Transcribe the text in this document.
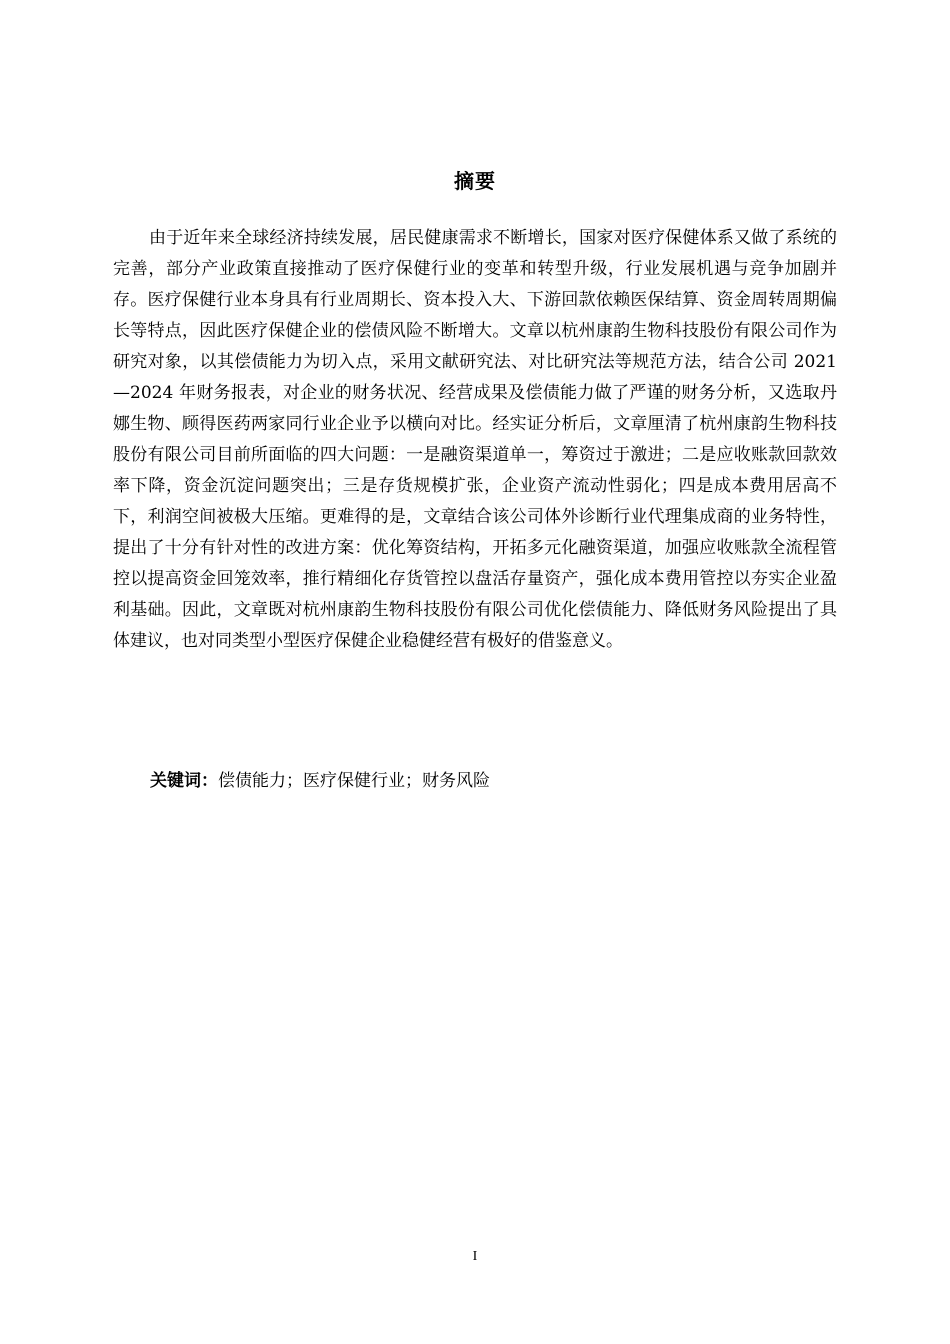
摘要

由于近年来全球经济持续发展，居民健康需求不断增长，国家对医疗保健体系又做了系统的完善，部分产业政策直接推动了医疗保健行业的变革和转型升级，行业发展机遇与竞争加剧并存。医疗保健行业本身具有行业周期长、资本投入大、下游回款依赖医保结算、资金周转周期偏长等特点，因此医疗保健企业的偿债风险不断增大。文章以杭州康韵生物科技股份有限公司作为研究对象，以其偿债能力为切入点，采用文献研究法、对比研究法等规范方法，结合公司 2021—2024 年财务报表，对企业的财务状况、经营成果及偿债能力做了严谨的财务分析，又选取丹娜生物、顾得医药两家同行业企业予以横向对比。经实证分析后，文章厘清了杭州康韵生物科技股份有限公司目前所面临的四大问题：一是融资渠道单一，筹资过于激进；二是应收账款回款效率下降，资金沉淀问题突出；三是存货规模扩张，企业资产流动性弱化；四是成本费用居高不下，利润空间被极大压缩。更难得的是，文章结合该公司体外诊断行业代理集成商的业务特性，提出了十分有针对性的改进方案：优化筹资结构，开拓多元化融资渠道，加强应收账款全流程管控以提高资金回笼效率，推行精细化存货管控以盘活存量资产，强化成本费用管控以夯实企业盈利基础。因此，文章既对杭州康韵生物科技股份有限公司优化偿债能力、降低财务风险提出了具体建议，也对同类型小型医疗保健企业稳健经营有极好的借鉴意义。

关键词：偿债能力；医疗保健行业；财务风险
I
